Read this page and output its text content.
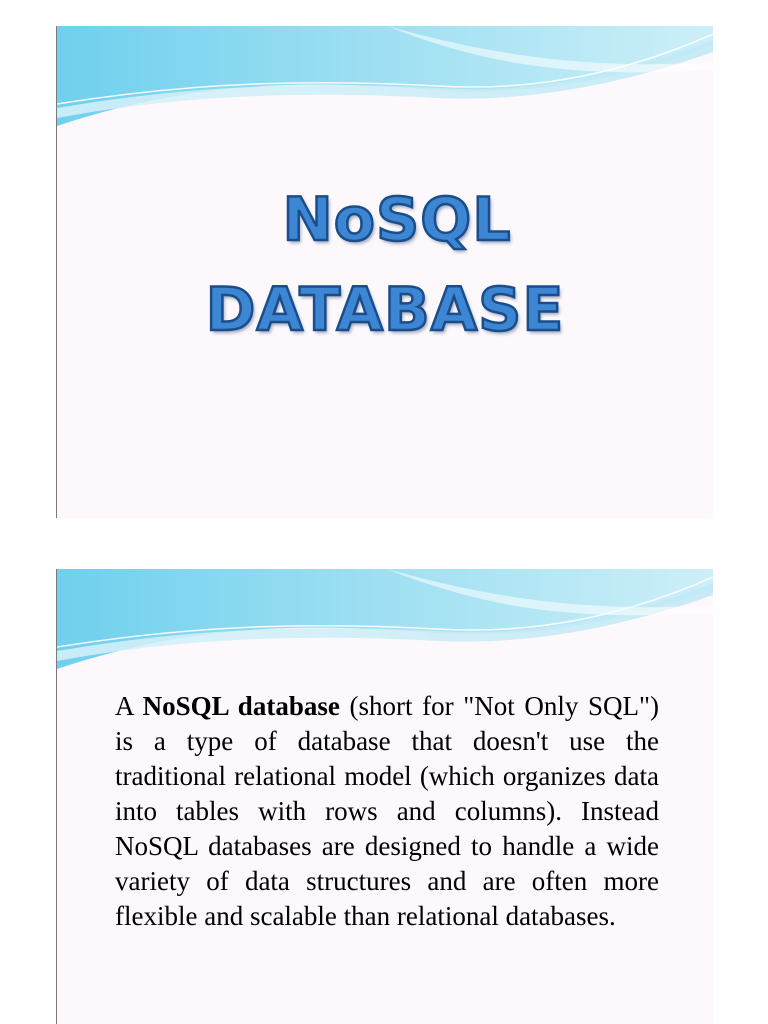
NoSQL
DATABASE

A NoSQL database (short for "Not Only SQL") is a type of database that doesn't use the traditional relational model (which organizes data into tables with rows and columns). Instead NoSQL databases are designed to handle a wide variety of data structures and are often more flexible and scalable than relational databases.
